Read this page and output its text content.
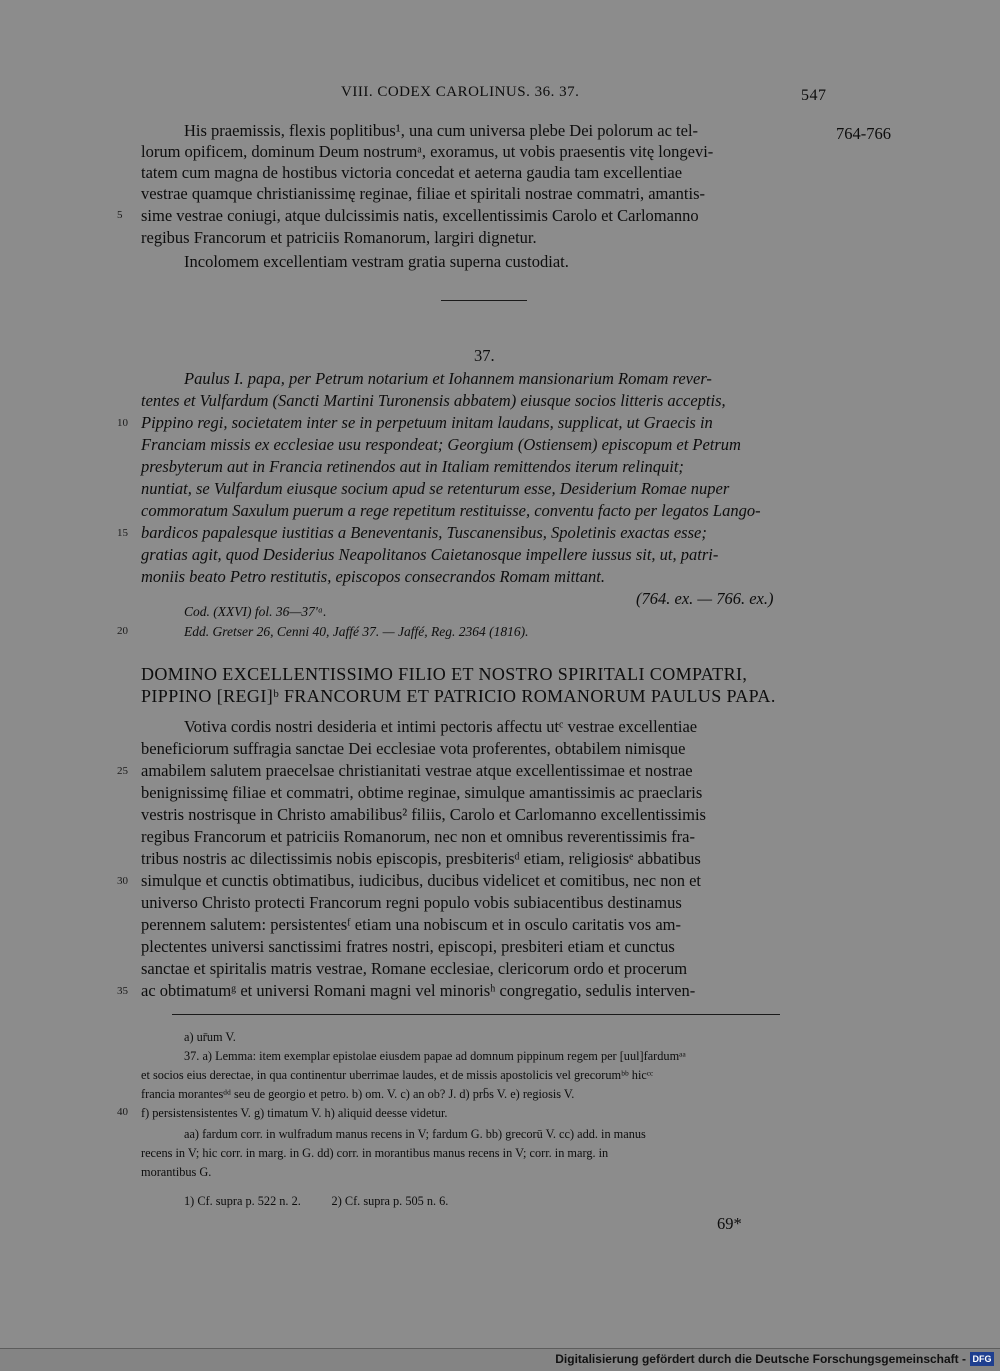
VIII. CODEX CAROLINUS. 36. 37.	547
764-766
His praemissis, flexis poplitibus¹, una cum universa plebe Dei polorum ac tel-
lorum opificem, dominum Deum nostrumᵃ, exoramus, ut vobis praesentis vitę longevi-
tatem cum magna de hostibus victoria concedat et aeterna gaudia tam excellentiae
vestrae quamque christianissimę reginae, filiae et spiritali nostrae commatri, amantis-
sime vestrae coniugi, atque dulcissimis natis, excellentissimis Carolo et Carlomanno
regibus Francorum et patriciis Romanorum, largiri dignetur.
Incolomem excellentiam vestram gratia superna custodiat.
37.
Paulus I. papa, per Petrum notarium et Iohannem mansionarium Romam rever-
tentes et Vulfardum (Sancti Martini Turonensis abbatem) eiusque socios litteris acceptis,
Pippino regi, societatem inter se in perpetuum initam laudans, supplicat, ut Graecis in
Franciam missis ex ecclesiae usu respondeat; Georgium (Ostiensem) episcopum et Petrum
presbyterum aut in Francia retinendos aut in Italiam remittendos iterum relinquit;
nuntiat, se Vulfardum eiusque socium apud se retenturum esse, Desiderium Romae nuper
commoratum Saxulum puerum a rege repetitum restituisse, conventu facto per legatos Lango-
bardicos papalesque iustitias a Beneventanis, Tuscanensibus, Spoletinis exactas esse;
gratias agit, quod Desiderius Neapolitanos Caietanosque impellere iussus sit, ut, patri-
moniis beato Petro restitutis, episcopos consecrandos Romam mittant.
(764. ex. — 766. ex.)
Cod. (XXVI) fol. 36—37'ᵃ.
Edd. Gretser 26, Cenni 40, Jaffé 37. — Jaffé, Reg. 2364 (1816).
DOMINO EXCELLENTISSIMO FILIO ET NOSTRO SPIRITALI COMPATRI,
PIPPINO [REGI]ᵇ FRANCORUM ET PATRICIO ROMANORUM PAULUS PAPA.
Votiva cordis nostri desideria et intimi pectoris affectu utᶜ vestrae excellentiae
beneficiorum suffragia sanctae Dei ecclesiae vota proferentes, obtabilem nimisque
amabilem salutem praecelsae christianitati vestrae atque excellentissimae et nostrae
benignissimę filiae et commatri, obtime reginae, simulque amantissimis ac praeclaris
vestris nostrisque in Christo amabilibus² filiis, Carolo et Carlomanno excellentissimis
regibus Francorum et patriciis Romanorum, nec non et omnibus reverentissimis fra-
tribus nostris ac dilectissimis nobis episcopis, presbiterisᵈ etiam, religiosisᵉ abbatibus
simulque et cunctis obtimatibus, iudicibus, ducibus videlicet et comitibus, nec non et
universo Christo protecti Francorum regni populo vobis subiacentibus destinamus
perennem salutem: persistentesᶠ etiam una nobiscum et in osculo caritatis vos am-
plectentes universi sanctissimi fratres nostri, episcopi, presbiteri etiam et cunctus
sanctae et spiritalis matris vestrae, Romane ecclesiae, clericorum ordo et procerum
ac obtimatumᵍ et universi Romani magni vel minorisʰ congregatio, sedulis interven-
5
10
15
20
25
30
35
40
a) ur̄um V.
37. a) Lemma: item exemplar epistolae eiusdem papae ad domnum pippinum regem per [uul]fardumᵃᵃ
et socios eius derectae, in qua continentur uberrimae laudes, et de missis apostolicis vel grecorumᵇᵇ hicᶜᶜ
francia morantesᵈᵈ seu de georgio et petro. b) om. V. c) an ob? J. d) prb̄s V. e) regiosis V.
f) persistensistentes V. g) timatum V. h) aliquid deesse videtur.
aa) fardum corr. in wulfradum manus recens in V; fardum G. bb) grecorū V. cc) add. in manus
recens in V; hic corr. in marg. in G. dd) corr. in morantibus manus recens in V; corr. in marg. in
morantibus G.
1) Cf. supra p. 522 n. 2.          2) Cf. supra p. 505 n. 6.
69*
Digitalisierung gefördert durch die Deutsche Forschungsgemeinschaft - DFG
